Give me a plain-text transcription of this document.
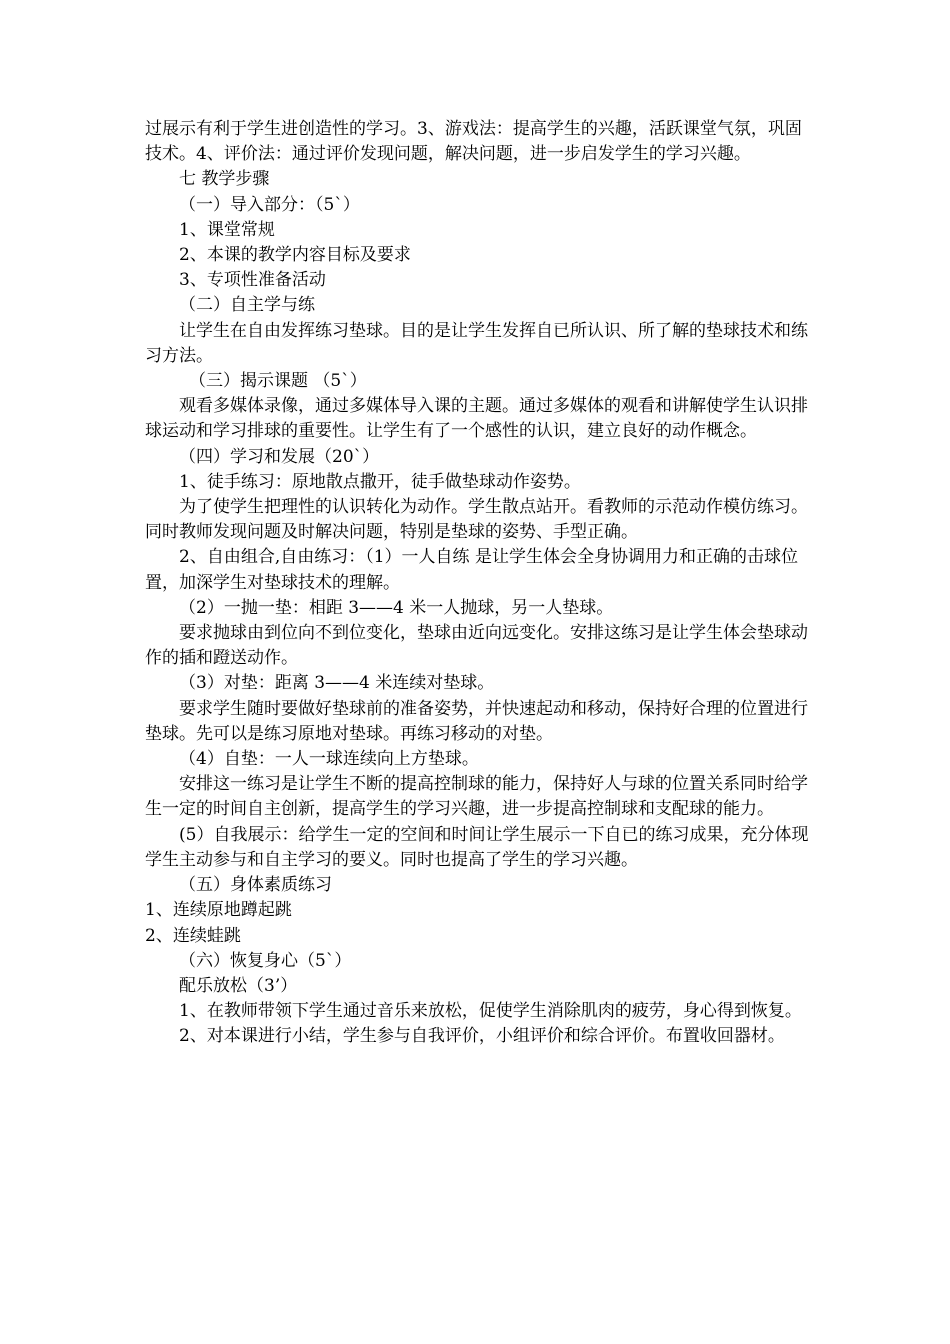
过展示有利于学生进创造性的学习。3、游戏法：提高学生的兴趣，活跃课堂气氛，巩固技术。4、评价法：通过评价发现问题，解决问题，进一步启发学生的学习兴趣。

七 教学步骤

（一）导入部分：（5`）

1、课堂常规

2、本课的教学内容目标及要求

3、专项性准备活动

（二）自主学与练

让学生在自由发挥练习垫球。目的是让学生发挥自已所认识、所了解的垫球技术和练习方法。

（三）揭示课题 （5`）

观看多媒体录像，通过多媒体导入课的主题。通过多媒体的观看和讲解使学生认识排球运动和学习排球的重要性。让学生有了一个感性的认识，建立良好的动作概念。

（四）学习和发展（20`）

1、徒手练习：原地散点撒开，徒手做垫球动作姿势。

为了使学生把理性的认识转化为动作。学生散点站开。看教师的示范动作模仿练习。同时教师发现问题及时解决问题，特别是垫球的姿势、手型正确。

2、自由组合,自由练习：（1）一人自练 是让学生体会全身协调用力和正确的击球位置，加深学生对垫球技术的理解。

（2）一抛一垫：相距 3——4 米一人抛球，另一人垫球。

要求抛球由到位向不到位变化，垫球由近向远变化。安排这练习是让学生体会垫球动作的插和蹬送动作。

（3）对垫：距离 3——4 米连续对垫球。

要求学生随时要做好垫球前的准备姿势，并快速起动和移动，保持好合理的位置进行垫球。先可以是练习原地对垫球。再练习移动的对垫。

（4）自垫：一人一球连续向上方垫球。

安排这一练习是让学生不断的提高控制球的能力，保持好人与球的位置关系同时给学生一定的时间自主创新，提高学生的学习兴趣，进一步提高控制球和支配球的能力。

(5）自我展示：给学生一定的空间和时间让学生展示一下自已的练习成果，充分体现学生主动参与和自主学习的要义。同时也提高了学生的学习兴趣。

（五）身体素质练习

1、连续原地蹲起跳

2、连续蛙跳

（六）恢复身心（5`）

配乐放松（3’）

1、在教师带领下学生通过音乐来放松，促使学生消除肌肉的疲劳，身心得到恢复。

2、对本课进行小结，学生参与自我评价，小组评价和综合评价。布置收回器材。
